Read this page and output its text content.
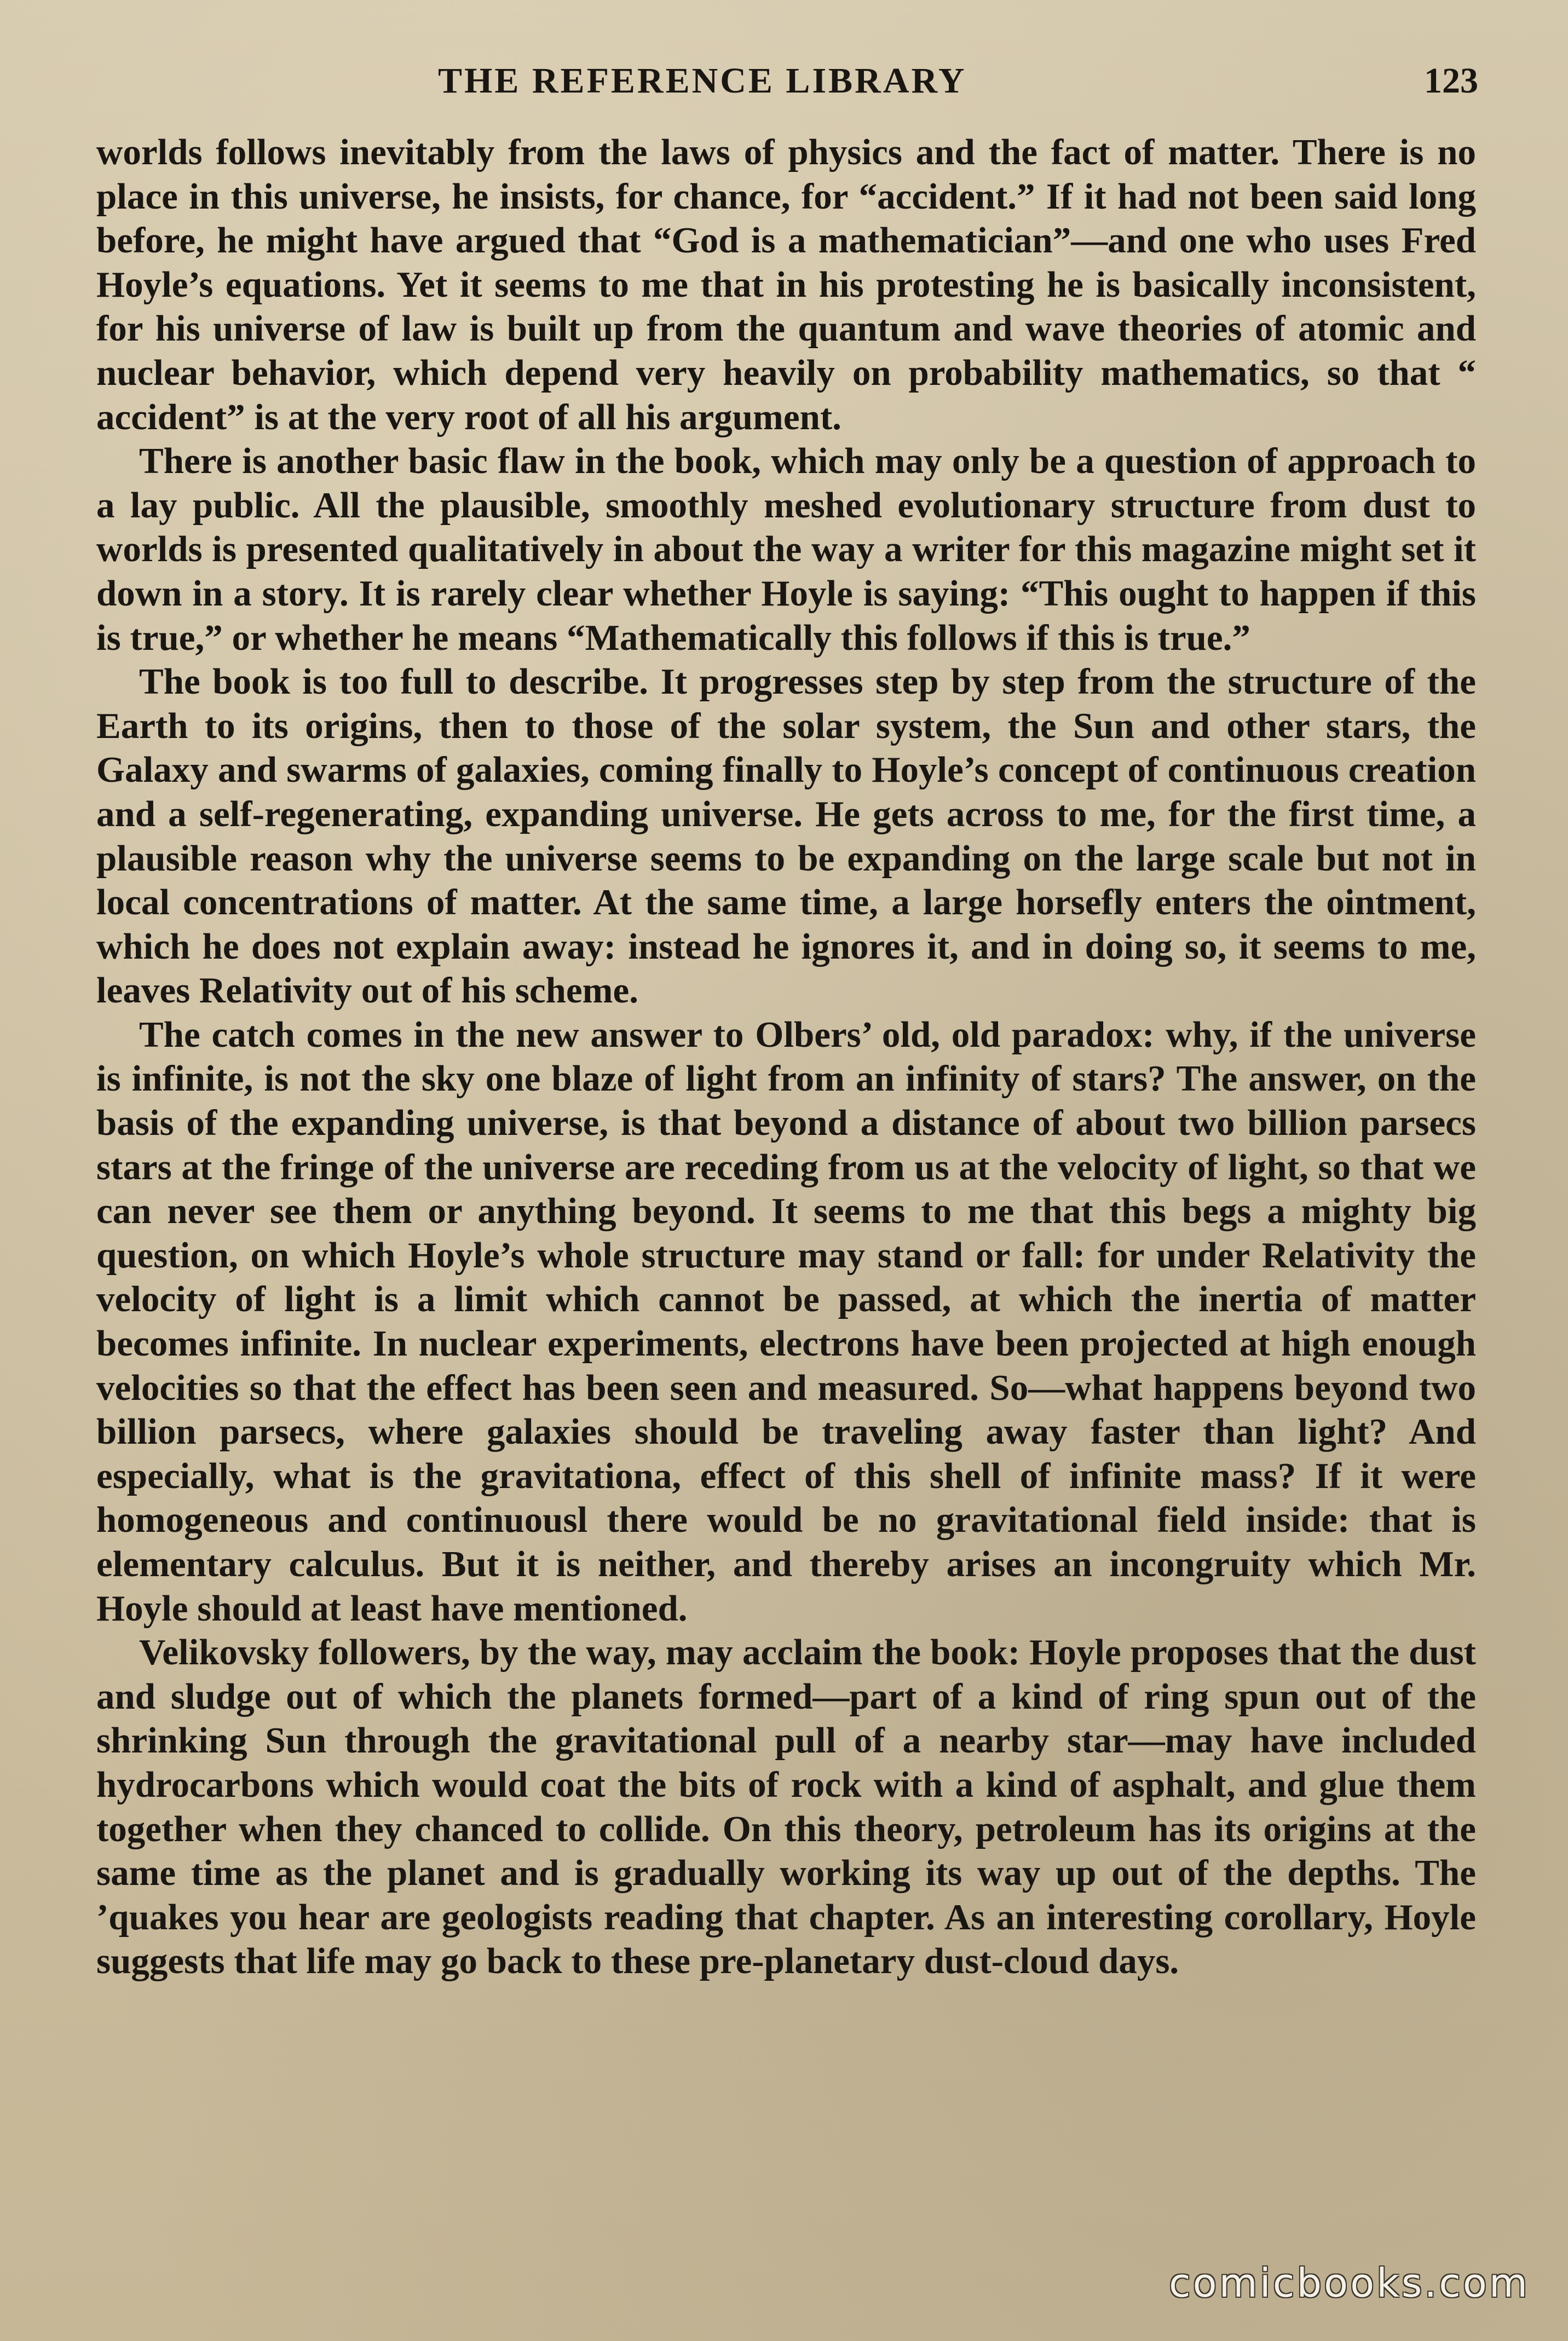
THE REFERENCE LIBRARY	123

worlds follows inevitably from the laws of physics and the fact of matter. There is no place in this universe, he insists, for chance, for “accident.” If it had not been said long before, he might have argued that “God is a mathematician”—and one who uses Fred Hoyle’s equations. Yet it seems to me that in his protesting he is basically inconsistent, for his universe of law is built up from the quantum and wave theories of atomic and nuclear behavior, which depend very heavily on probability mathematics, so that “ accident” is at the very root of all his argument.

There is another basic flaw in the book, which may only be a question of approach to a lay public. All the plausible, smoothly meshed evolutionary structure from dust to worlds is presented qualitatively in about the way a writer for this magazine might set it down in a story. It is rarely clear whether Hoyle is saying: “This ought to happen if this is true,” or whether he means “Mathematically this follows if this is true.”

The book is too full to describe. It progresses step by step from the structure of the Earth to its origins, then to those of the solar system, the Sun and other stars, the Galaxy and swarms of galaxies, coming finally to Hoyle’s concept of continuous creation and a self-regenerating, expanding universe. He gets across to me, for the first time, a plausible reason why the universe seems to be expanding on the large scale but not in local concentrations of matter. At the same time, a large horsefly enters the ointment, which he does not explain away: instead he ignores it, and in doing so, it seems to me, leaves Relativity out of his scheme.

The catch comes in the new answer to Olbers’ old, old paradox: why, if the universe is infinite, is not the sky one blaze of light from an infinity of stars? The answer, on the basis of the expanding universe, is that beyond a distance of about two billion parsecs stars at the fringe of the universe are receding from us at the velocity of light, so that we can never see them or anything beyond. It seems to me that this begs a mighty big question, on which Hoyle’s whole structure may stand or fall: for under Relativity the velocity of light is a limit which cannot be passed, at which the inertia of matter becomes infinite. In nuclear experiments, electrons have been projected at high enough velocities so that the effect has been seen and measured. So—what happens beyond two billion parsecs, where galaxies should be traveling away faster than light? And especially, what is the gravitationa, effect of this shell of infinite mass? If it were homogeneous and continuousl there would be no gravitational field inside: that is elementary calculus. But it is neither, and thereby arises an incongruity which Mr. Hoyle should at least have mentioned.

Velikovsky followers, by the way, may acclaim the book: Hoyle proposes that the dust and sludge out of which the planets formed—part of a kind of ring spun out of the shrinking Sun through the gravitational pull of a nearby star—may have included hydrocarbons which would coat the bits of rock with a kind of asphalt, and glue them together when they chanced to collide. On this theory, petroleum has its origins at the same time as the planet and is gradually working its way up out of the depths. The ’quakes you hear are geologists reading that chapter. As an interesting corollary, Hoyle suggests that life may go back to these pre-planetary dust-cloud days.

comicbooks.com
